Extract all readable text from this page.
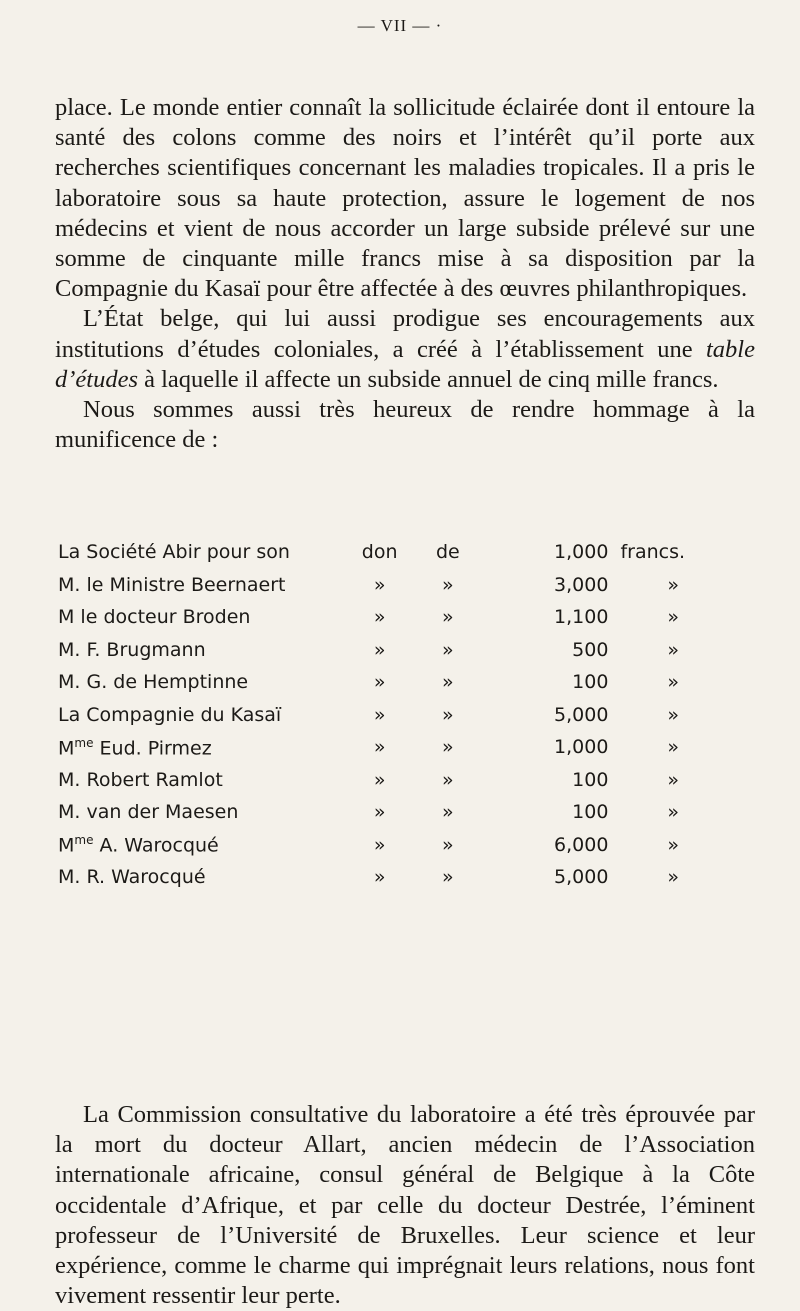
— VII — ·

place. Le monde entier connaît la sollicitude éclairée dont il entoure la santé des colons comme des noirs et l’intérêt qu’il porte aux recherches scientifiques concernant les maladies tropicales. Il a pris le laboratoire sous sa haute protection, assure le logement de nos médecins et vient de nous accorder un large subside prélevé sur une somme de cinquante mille francs mise à sa disposition par la Compagnie du Kasaï pour être affectée à des œuvres philanthropiques.

L’État belge, qui lui aussi prodigue ses encouragements aux institutions d’études coloniales, a créé à l’établissement une table d’études à laquelle il affecte un subside annuel de cinq mille francs.

Nous sommes aussi très heureux de rendre hommage à la munificence de :

La Société Abir pour son	don	de	1,000	francs.
M. le Ministre Beernaert	»	»	3,000	»
M le docteur Broden	»	»	1,100	»
M. F. Brugmann	»	»	500	»
M. G. de Hemptinne	»	»	100	»
La Compagnie du Kasaï	»	»	5,000	»
$M^{me}$ Eud. Pirmez	»	»	1,000	»
M. Robert Ramlot	»	»	100	»
M. van der Maesen	»	»	100	»
$M^{me}$ A. Warocqué	»	»	6,000	»
M. R. Warocqué	»	»	5,000	»

La Commission consultative du laboratoire a été très éprouvée par la mort du docteur Allart, ancien médecin de l’Association internationale africaine, consul général de Belgique à la Côte occidentale d’Afrique, et par celle du docteur Destrée, l’éminent professeur de l’Université de Bruxelles. Leur science et leur expérience, comme le charme qui imprégnait leurs relations, nous font vivement ressentir leur perte.
